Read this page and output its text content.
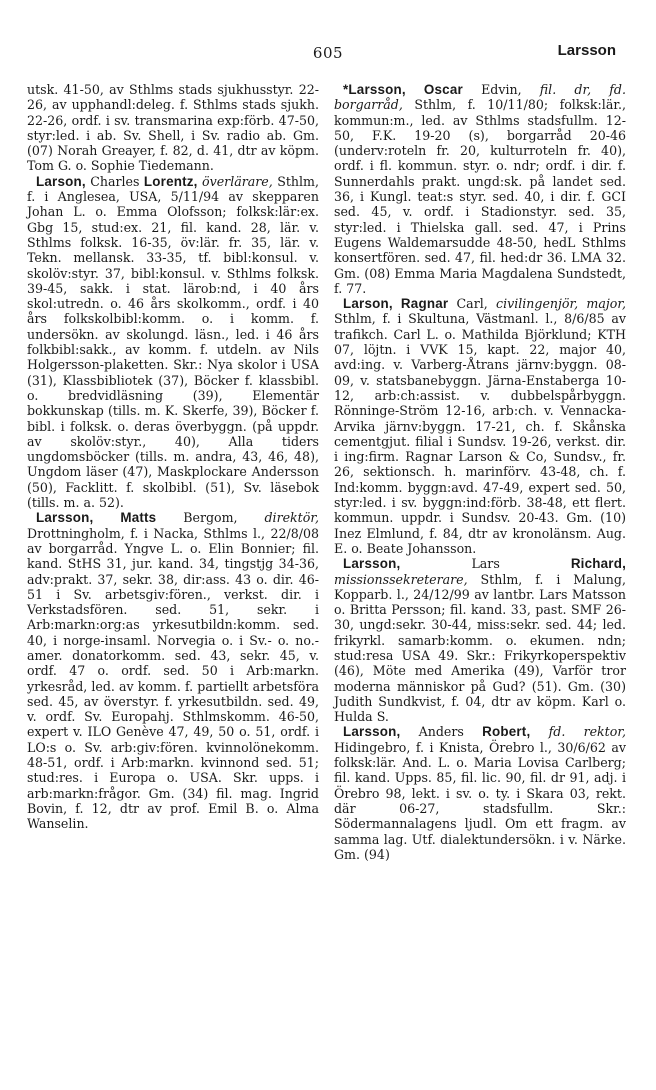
605	Larsson

utsk. 41-50, av Sthlms stads sjukhusstyr. 22-26, av upphandl:deleg. f. Sthlms stads sjukh. 22-26, ordf. i sv. transmarina exp:förb. 47-50, styr:led. i ab. Sv. Shell, i Sv. radio ab. Gm. (07) Norah Greayer, f. 82, d. 41, dtr av köpm. Tom G. o. Sophie Tiedemann.

Larson, Charles Lorentz, överlärare, Sthlm, f. i Anglesea, USA, 5/11/94 av skepparen Johan L. o. Emma Olofsson; folksk:lär:ex. Gbg 15, stud:ex. 21, fil. kand. 28, lär. v. Sthlms folksk. 16-35, öv:lär. fr. 35, lär. v. Tekn. mellansk. 33-35, tf. bibl:konsul. v. skolöv:styr. 37, bibl:konsul. v. Sthlms folksk. 39-45, sakk. i stat. lärob:nd, i 40 års skol:utredn. o. 46 års skolkomm., ordf. i 40 års folkskolbibl:komm. o. i komm. f. undersökn. av skolungd. läsn., led. i 46 års folkbibl:sakk., av komm. f. utdeln. av Nils Holgersson-plaketten. Skr.: Nya skolor i USA (31), Klassbibliotek (37), Böcker f. klassbibl. o. bredvidläsning (39), Elementär bokkunskap (tills. m. K. Skerfe, 39), Böcker f. bibl. i folksk. o. deras överbyggn. (på uppdr. av skolöv:styr., 40), Alla tiders ungdomsböcker (tills. m. andra, 43, 46, 48), Ungdom läser (47), Maskplockare Andersson (50), Facklitt. f. skolbibl. (51), Sv. läsebok (tills. m. a. 52).

Larsson, Matts Bergom, direktör, Drottningholm, f. i Nacka, Sthlms l., 22/8/08 av borgarråd. Yngve L. o. Elin Bonnier; fil. kand. StHS 31, jur. kand. 34, tingstjg 34-36, adv:prakt. 37, sekr. 38, dir:ass. 43 o. dir. 46-51 i Sv. arbetsgiv:fören., verkst. dir. i Verkstadsfören. sed. 51, sekr. i Arb:markn:org:as yrkesutbildn:komm. sed. 40, i norge-insaml. Norvegia o. i Sv.- o. no.-amer. donatorkomm. sed. 43, sekr. 45, v. ordf. 47 o. ordf. sed. 50 i Arb:markn. yrkesråd, led. av komm. f. partiellt arbetsföra sed. 45, av överstyr. f. yrkesutbildn. sed. 49, v. ordf. Sv. Europahj. Sthlmskomm. 46-50, expert v. ILO Genève 47, 49, 50 o. 51, ordf. i LO:s o. Sv. arb:giv:fören. kvinnolönekomm. 48-51, ordf. i Arb:markn. kvinnond sed. 51; stud:res. i Europa o. USA. Skr. upps. i arb:markn:frågor. Gm. (34) fil. mag. Ingrid Bovin, f. 12, dtr av prof. Emil B. o. Alma Wanselin.

*Larsson, Oscar Edvin, fil. dr, fd. borgarråd, Sthlm, f. 10/11/80; folksk:lär., kommun:m., led. av Sthlms stadsfullm. 12-50, F.K. 19-20 (s), borgarråd 20-46 (underv:roteln fr. 20, kulturroteln fr. 40), ordf. i fl. kommun. styr. o. ndr; ordf. i dir. f. Sunnerdahls prakt. ungd:sk. på landet sed. 36, i Kungl. teat:s styr. sed. 40, i dir. f. GCI sed. 45, v. ordf. i Stadionstyr. sed. 35, styr:led. i Thielska gall. sed. 47, i Prins Eugens Waldemarsudde 48-50, hedL Sthlms konsertfören. sed. 47, fil. hed:dr 36. LMA 32. Gm. (08) Emma Maria Magdalena Sundstedt, f. 77.

Larson, Ragnar Carl, civilingenjör, major, Sthlm, f. i Skultuna, Västmanl. l., 8/6/85 av trafikch. Carl L. o. Mathilda Björklund; KTH 07, löjtn. i VVK 15, kapt. 22, major 40, avd:ing. v. Varberg-Åtrans järnv:byggn. 08-09, v. statsbanebyggn. Järna-Enstaberga 10-12, arb:ch:assist. v. dubbelspårbyggn. Rönninge-Ström 12-16, arb:ch. v. Vennacka-Arvika järnv:byggn. 17-21, ch. f. Skånska cementgjut. filial i Sundsv. 19-26, verkst. dir. i ing:firm. Ragnar Larson & Co, Sundsv., fr. 26, sektionsch. h. marinförv. 43-48, ch. f. Ind:komm. byggn:avd. 47-49, expert sed. 50, styr:led. i sv. byggn:ind:förb. 38-48, ett flert. kommun. uppdr. i Sundsv. 20-43. Gm. (10) Inez Elmlund, f. 84, dtr av kronolänsm. Aug. E. o. Beate Johansson.

Larsson,	Lars	Richard, missionssekreterare, Sthlm, f. i Malung, Kopparb. l., 24/12/99 av lantbr. Lars Matsson o. Britta Persson; fil. kand. 33, past. SMF 26-30, ungd:sekr. 30-44, miss:sekr. sed. 44; led. frikyrkl. samarb:komm. o. ekumen. ndn; stud:resa USA 49. Skr.: Frikyrkoperspektiv (46), Möte med Amerika (49), Varför tror moderna människor på Gud? (51). Gm. (30) Judith Sundkvist, f. 04, dtr av köpm. Karl o. Hulda S.

Larsson, Anders Robert, fd. rektor, Hidingebro, f. i Knista, Örebro l., 30/6/62 av folksk:lär. And. L. o. Maria Lovisa Carlberg; fil. kand. Upps. 85, fil. lic. 90, fil. dr 91, adj. i Örebro 98, lekt. i sv. o. ty. i Skara 03, rekt. där 06-27, stadsfullm. Skr.: Södermannalagens ljudl. Om ett fragm. av samma lag. Utf. dialektundersökn. i v. Närke. Gm. (94)
